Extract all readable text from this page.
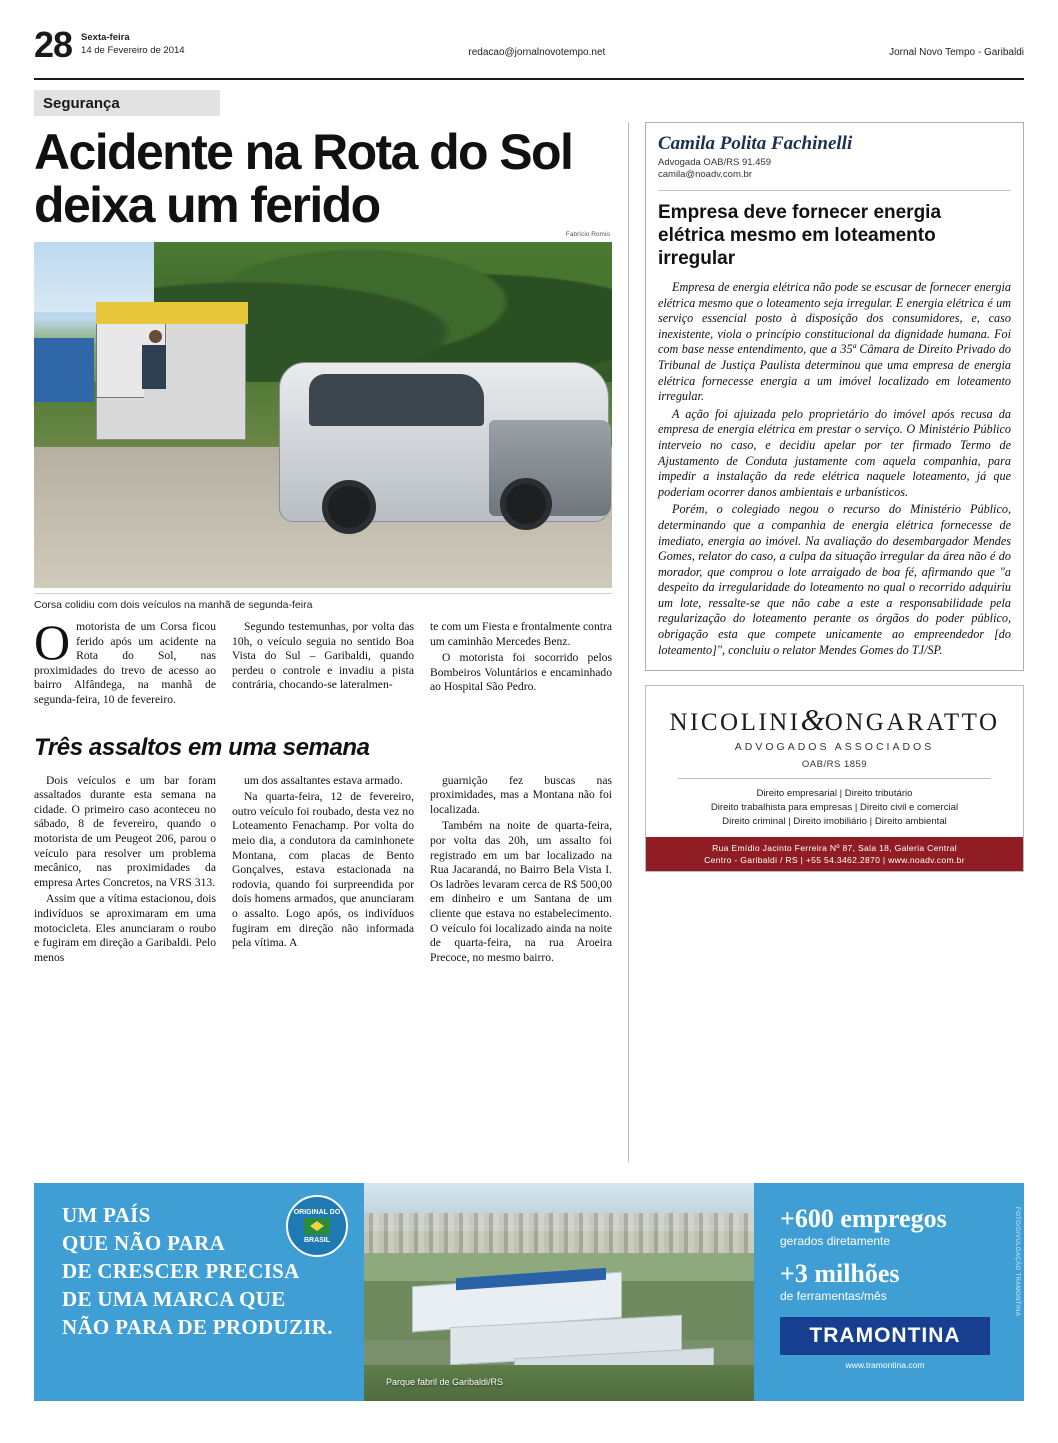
28 Sexta-feira
14 de Fevereiro de 2014	redacao@jornalnovotempo.net	Jornal Novo Tempo - Garibaldi
Segurança
Acidente na Rota do Sol deixa um ferido
Fabrício Romio
Corsa colidiu com dois veículos na manhã de segunda-feira

Omotorista de um Corsa ficou ferido após um acidente na Rota do Sol, nas proximidades do trevo de acesso ao bairro Alfândega, na manhã de segunda-feira, 10 de fevereiro.

Segundo testemunhas, por volta das 10h, o veículo seguia no sentido Boa Vista do Sul – Garibaldi, quando perdeu o controle e invadiu a pista contrária, chocando-se lateralmen-

te com um Fiesta e frontalmente contra um caminhão Mercedes Benz.

O motorista foi socorrido pelos Bombeiros Voluntários e encaminhado ao Hospital São Pedro.

Três assaltos em uma semana

Dois veículos e um bar foram assaltados durante esta semana na cidade. O primeiro caso aconteceu no sábado, 8 de fevereiro, quando o motorista de um Peugeot 206, parou o veículo para resolver um problema mecânico, nas proximidades da empresa Artes Concretos, na VRS 313.

Assim que a vítima estacionou, dois indivíduos se aproximaram em uma motocicleta. Eles anunciaram o roubo e fugiram em direção a Garibaldi. Pelo menos

um dos assaltantes estava armado.

Na quarta-feira, 12 de fevereiro, outro veículo foi roubado, desta vez no Loteamento Fenachamp. Por volta do meio dia, a condutora da caminhonete Montana, com placas de Bento Gonçalves, estava estacionada na rodovia, quando foi surpreendida por dois homens armados, que anunciaram o assalto. Logo após, os indivíduos fugiram em direção não informada pela vítima. A

guarnição fez buscas nas proximidades, mas a Montana não foi localizada.

Também na noite de quarta-feira, por volta das 20h, um assalto foi registrado em um bar localizado na Rua Jacarandá, no Bairro Bela Vista I. Os ladrões levaram cerca de R$ 500,00 em dinheiro e um Santana de um cliente que estava no estabelecimento. O veículo foi localizado ainda na noite de quarta-feira, na rua Aroeira Precoce, no mesmo bairro.

Camila Polita Fachinelli
Advogada OAB/RS 91.459
camila@noadv.com.br
Empresa deve fornecer energia elétrica mesmo em loteamento irregular

Empresa de energia elétrica não pode se escusar de fornecer energia elétrica mesmo que o loteamento seja irregular. E energia elétrica é um serviço essencial posto à disposição dos consumidores, e, caso inexistente, viola o princípio constitucional da dignidade humana. Foi com base nesse entendimento, que a 35ª Câmara de Direito Privado do Tribunal de Justiça Paulista determinou que uma empresa de energia elétrica fornecesse energia a um imóvel localizado em loteamento irregular.

A ação foi ajuizada pelo proprietário do imóvel após recusa da empresa de energia elétrica em prestar o serviço. O Ministério Público interveio no caso, e decidiu apelar por ter firmado Termo de Ajustamento de Conduta justamente com aquela companhia, para impedir a instalação da rede elétrica naquele loteamento, já que poderiam ocorrer danos ambientais e urbanísticos.

Porém, o colegiado negou o recurso do Ministério Público, determinando que a companhia de energia elétrica fornecesse de imediato, energia ao imóvel. Na avaliação do desembargador Mendes Gomes, relator do caso, a culpa da situação irregular da área não é do morador, que comprou o lote arraigado de boa fé, afirmando que "a despeito da irregularidade do loteamento no qual o recorrido adquiriu um lote, ressalte-se que não cabe a este a responsabilidade pela regularização do loteamento perante os órgãos do poder público, obrigação esta que compete unicamente ao empreendedor [do loteamento]", concluiu o relator Mendes Gomes do TJ/SP.

NICOLINI&ONGARATTO
ADVOGADOS ASSOCIADOS
OAB/RS 1859
Direito empresarial | Direito tributário
Direito trabalhista para empresas | Direito civil e comercial
Direito criminal | Direito imobiliário | Direito ambiental
Rua Emídio Jacinto Ferreira Nº 87, Sala 18, Galeria Central
Centro - Garibaldi / RS | +55 54.3462.2870 | www.noadv.com.br
UM PAÍS
QUE NÃO PARA
DE CRESCER PRECISA
DE UMA MARCA QUE
NÃO PARA DE PRODUZIR.
ORIGINAL DO
BRASIL
Parque fabril de Garibaldi/RS
+600 empregos
gerados diretamente
+3 milhões
de ferramentas/mês
TRAMONTINA
www.tramontina.com
FOTO/DIVULGAÇÃO TRAMONTINA
